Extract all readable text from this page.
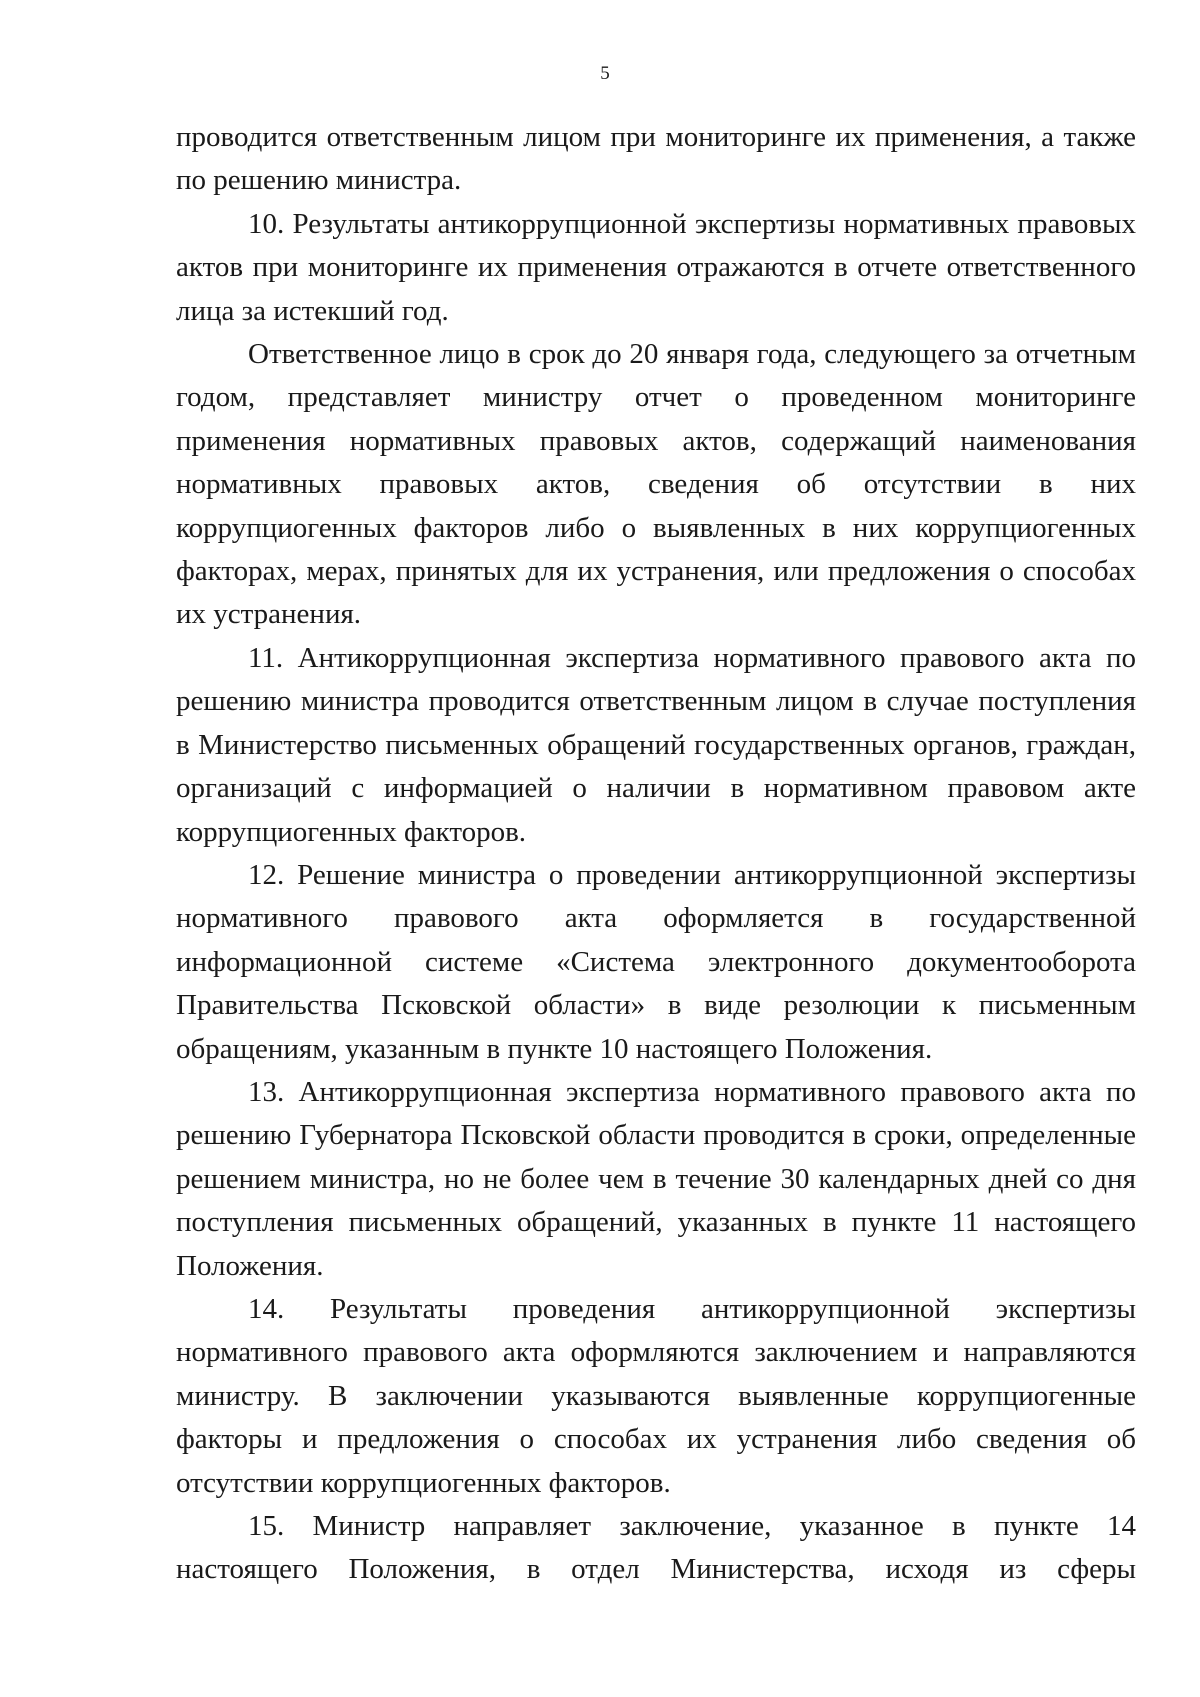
5

проводится ответственным лицом при мониторинге их применения, а также по решению министра.

10. Результаты антикоррупционной экспертизы нормативных правовых актов при мониторинге их применения отражаются в отчете ответственного лица за истекший год.

Ответственное лицо в срок до 20 января года, следующего за отчетным годом, представляет министру отчет о проведенном мониторинге применения нормативных правовых актов, содержащий наименования нормативных правовых актов, сведения об отсутствии в них коррупциогенных факторов либо о выявленных в них коррупциогенных факторах, мерах, принятых для их устранения, или предложения о способах их устранения.

11. Антикоррупционная экспертиза нормативного правового акта по решению министра проводится ответственным лицом в случае поступления в Министерство письменных обращений государственных органов, граждан, организаций с информацией о наличии в нормативном правовом акте коррупциогенных факторов.

12. Решение министра о проведении антикоррупционной экспертизы нормативного правового акта оформляется в государственной информационной системе «Система электронного документооборота Правительства Псковской области» в виде резолюции к письменным обращениям, указанным в пункте 10 настоящего Положения.

13. Антикоррупционная экспертиза нормативного правового акта по решению Губернатора Псковской области проводится в сроки, определенные решением министра, но не более чем в течение 30 календарных дней со дня поступления письменных обращений, указанных в пункте 11 настоящего Положения.

14. Результаты проведения антикоррупционной экспертизы нормативного правового акта оформляются заключением и направляются министру. В заключении указываются выявленные коррупциогенные факторы и предложения о способах их устранения либо сведения об отсутствии коррупциогенных факторов.

15. Министр направляет заключение, указанное в пункте 14 настоящего Положения, в отдел Министерства, исходя из сферы
